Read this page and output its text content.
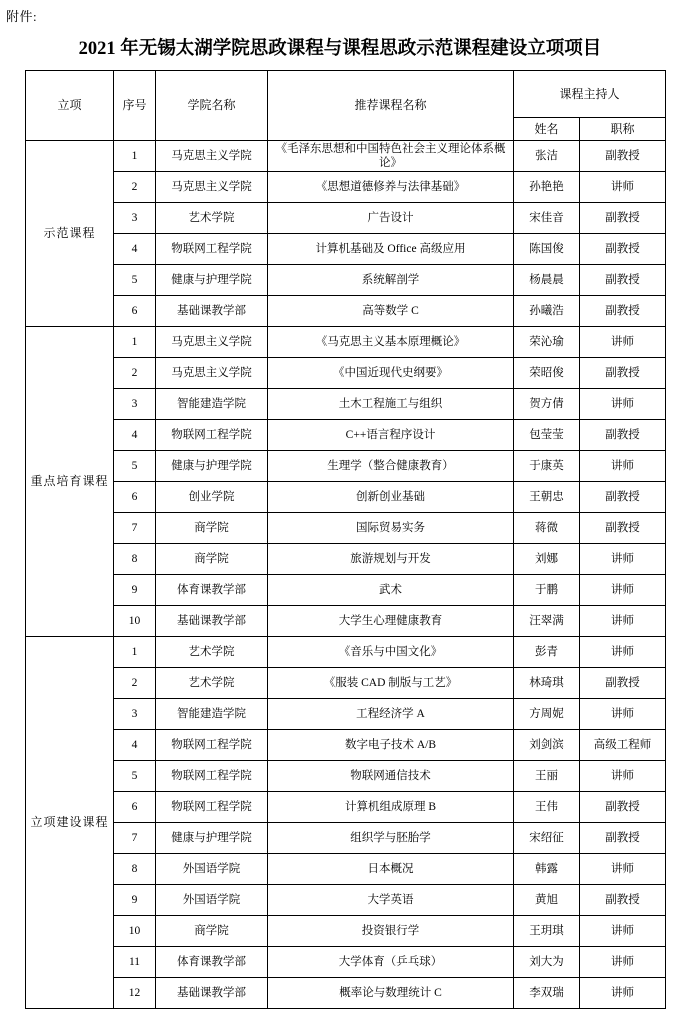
附件:
2021 年无锡太湖学院思政课程与课程思政示范课程建设立项项目
立项	序号	学院名称	推荐课程名称	课程主持人	
				姓名	职称
示范课程	1	马克思主义学院	《毛泽东思想和中国特色社会主义理论体系概论》	张洁	副教授
	2	马克思主义学院	《思想道德修养与法律基础》	孙艳艳	讲师
	3	艺术学院	广告设计	宋佳音	副教授
	4	物联网工程学院	计算机基础及 Office 高级应用	陈国俊	副教授
	5	健康与护理学院	系统解剖学	杨晨晨	副教授
	6	基础课教学部	高等数学 C	孙曦浩	副教授
重点培育课程	1	马克思主义学院	《马克思主义基本原理概论》	荣沁瑜	讲师
	2	马克思主义学院	《中国近现代史纲要》	荣昭俊	副教授
	3	智能建造学院	土木工程施工与组织	贺方倩	讲师
	4	物联网工程学院	C++语言程序设计	包莹莹	副教授
	5	健康与护理学院	生理学（整合健康教育）	于康英	讲师
	6	创业学院	创新创业基础	王朝忠	副教授
	7	商学院	国际贸易实务	蒋微	副教授
	8	商学院	旅游规划与开发	刘娜	讲师
	9	体育课教学部	武术	于鹏	讲师
	10	基础课教学部	大学生心理健康教育	汪翠满	讲师
立项建设课程	1	艺术学院	《音乐与中国文化》	彭青	讲师
	2	艺术学院	《服装 CAD 制版与工艺》	林琦琪	副教授
	3	智能建造学院	工程经济学 A	方周妮	讲师
	4	物联网工程学院	数字电子技术 A/B	刘剑滨	高级工程师
	5	物联网工程学院	物联网通信技术	王丽	讲师
	6	物联网工程学院	计算机组成原理 B	王伟	副教授
	7	健康与护理学院	组织学与胚胎学	宋绍征	副教授
	8	外国语学院	日本概况	韩露	讲师
	9	外国语学院	大学英语	黄旭	副教授
	10	商学院	投资银行学	王玥琪	讲师
	11	体育课教学部	大学体育（乒乓球）	刘大为	讲师
	12	基础课教学部	概率论与数理统计 C	李双瑞	讲师
